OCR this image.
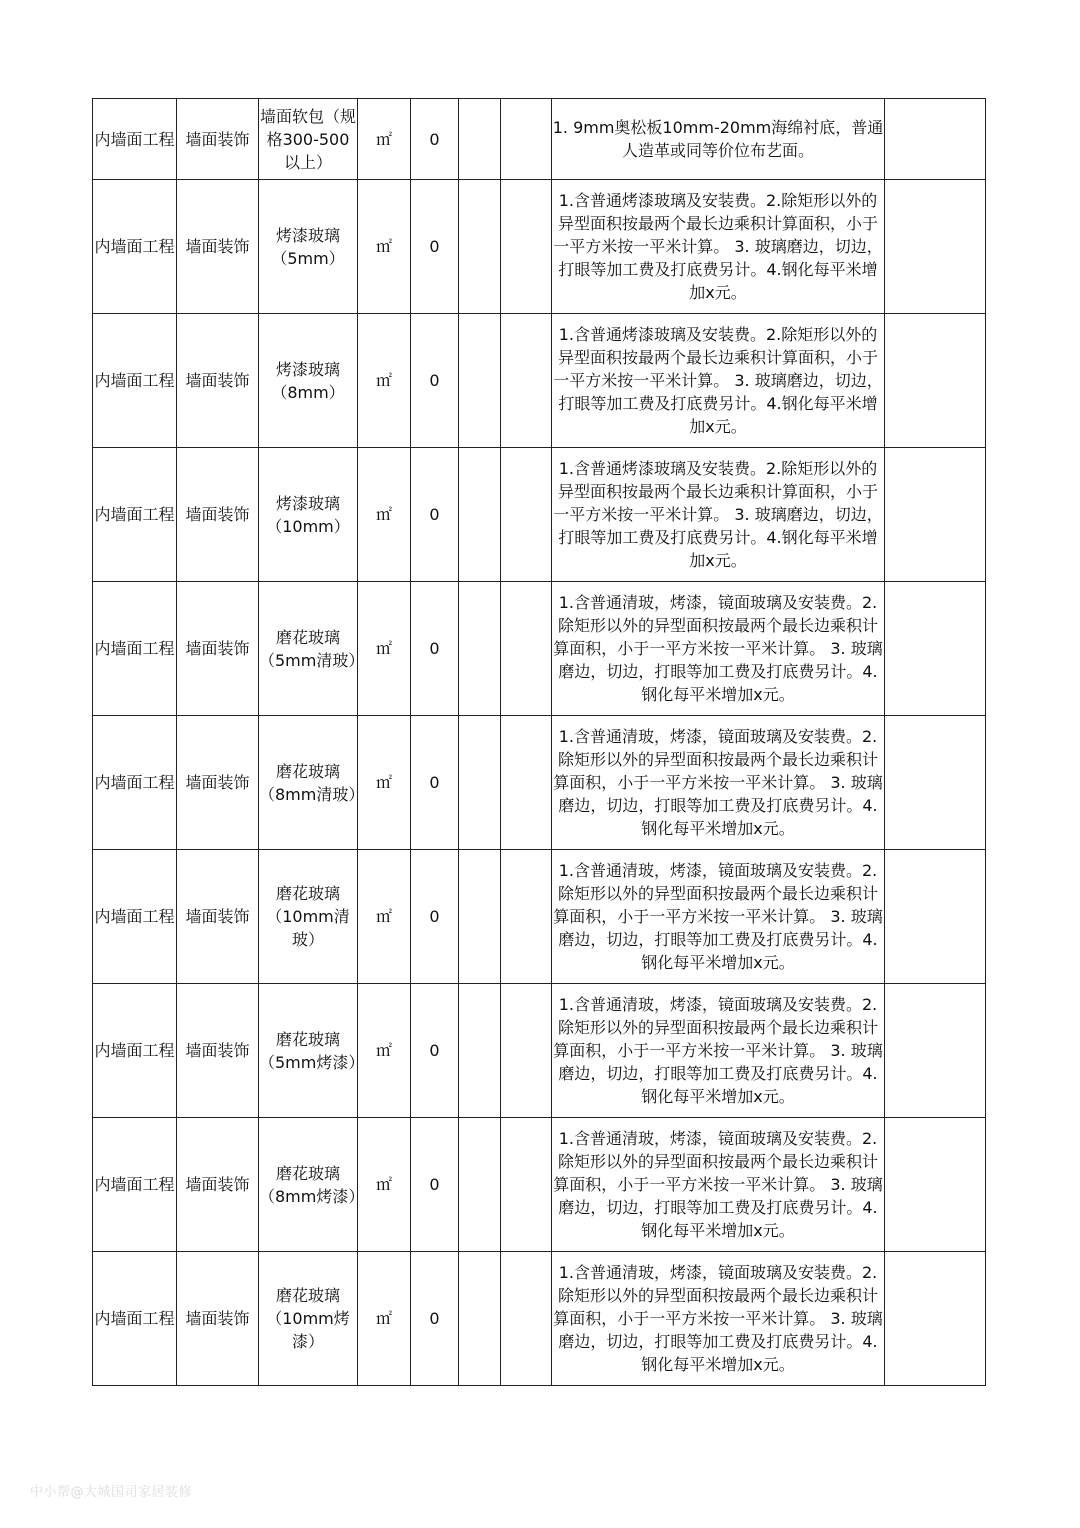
内墙面工程	墙面装饰	墙面软包（规格300-500以上）	㎡	0			1. 9mm奥松板10mm-20mm海绵衬底，普通人造革或同等价位布艺面。	
内墙面工程	墙面装饰	烤漆玻璃（5mm）	㎡	0			1.含普通烤漆玻璃及安装费。2.除矩形以外的异型面积按最两个最长边乘积计算面积，小于一平方米按一平米计算。 3. 玻璃磨边，切边，打眼等加工费及打底费另计。4.钢化每平米增加x元。	
内墙面工程	墙面装饰	烤漆玻璃（8mm）	㎡	0			1.含普通烤漆玻璃及安装费。2.除矩形以外的异型面积按最两个最长边乘积计算面积，小于一平方米按一平米计算。 3. 玻璃磨边，切边，打眼等加工费及打底费另计。4.钢化每平米增加x元。	
内墙面工程	墙面装饰	烤漆玻璃（10mm）	㎡	0			1.含普通烤漆玻璃及安装费。2.除矩形以外的异型面积按最两个最长边乘积计算面积，小于一平方米按一平米计算。 3. 玻璃磨边，切边，打眼等加工费及打底费另计。4.钢化每平米增加x元。	
内墙面工程	墙面装饰	磨花玻璃（5mm清玻）	㎡	0			1.含普通清玻，烤漆，镜面玻璃及安装费。2.除矩形以外的异型面积按最两个最长边乘积计算面积，小于一平方米按一平米计算。 3. 玻璃磨边，切边，打眼等加工费及打底费另计。4.钢化每平米增加x元。	
内墙面工程	墙面装饰	磨花玻璃（8mm清玻）	㎡	0			1.含普通清玻，烤漆，镜面玻璃及安装费。2.除矩形以外的异型面积按最两个最长边乘积计算面积，小于一平方米按一平米计算。 3. 玻璃磨边，切边，打眼等加工费及打底费另计。4.钢化每平米增加x元。	
内墙面工程	墙面装饰	磨花玻璃（10mm清玻）	㎡	0			1.含普通清玻，烤漆，镜面玻璃及安装费。2.除矩形以外的异型面积按最两个最长边乘积计算面积，小于一平方米按一平米计算。 3. 玻璃磨边，切边，打眼等加工费及打底费另计。4.钢化每平米增加x元。	
内墙面工程	墙面装饰	磨花玻璃（5mm烤漆）	㎡	0			1.含普通清玻，烤漆，镜面玻璃及安装费。2.除矩形以外的异型面积按最两个最长边乘积计算面积，小于一平方米按一平米计算。 3. 玻璃磨边，切边，打眼等加工费及打底费另计。4.钢化每平米增加x元。	
内墙面工程	墙面装饰	磨花玻璃（8mm烤漆）	㎡	0			1.含普通清玻，烤漆，镜面玻璃及安装费。2.除矩形以外的异型面积按最两个最长边乘积计算面积，小于一平方米按一平米计算。 3. 玻璃磨边，切边，打眼等加工费及打底费另计。4.钢化每平米增加x元。	
内墙面工程	墙面装饰	磨花玻璃（10mm烤漆）	㎡	0			1.含普通清玻，烤漆，镜面玻璃及安装费。2.除矩形以外的异型面积按最两个最长边乘积计算面积，小于一平方米按一平米计算。 3. 玻璃磨边，切边，打眼等加工费及打底费另计。4.钢化每平米增加x元。	
中小帮@大城国司家居装修
